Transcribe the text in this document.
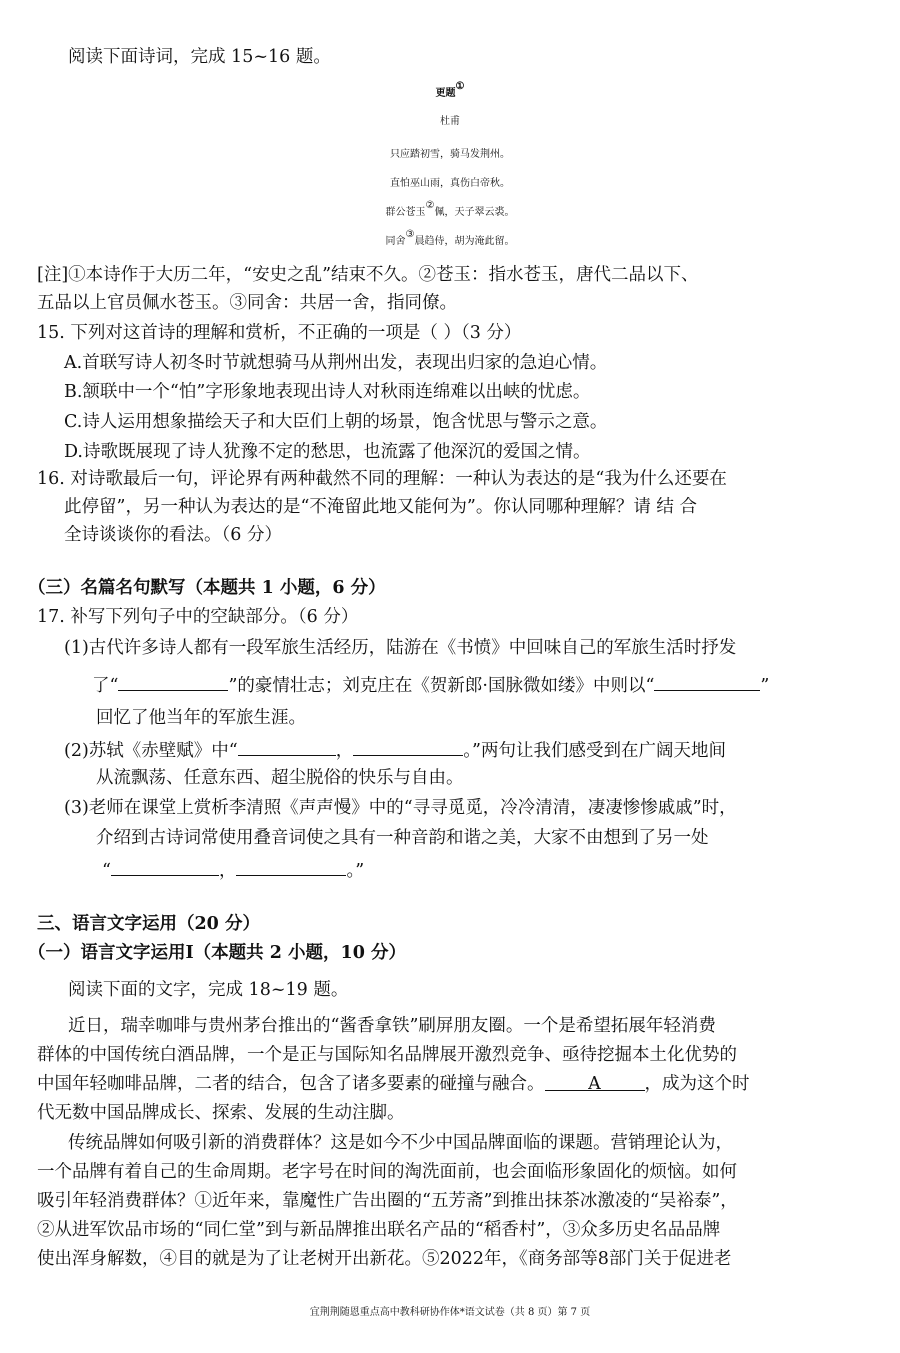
阅读下面诗词，完成 15~16 题。
更题①
杜甫
只应踏初雪，骑马发荆州。
直怕巫山雨，真伤白帝秋。
群公苍玉②佩，天子翠云裘。
同舍③晨趋侍，胡为淹此留。
[注]①本诗作于大历二年，“安史之乱”结束不久。②苍玉：指水苍玉，唐代二品以下、
五品以上官员佩水苍玉。③同舍：共居一舍，指同僚。
15. 下列对这首诗的理解和赏析，不正确的一项是（ ）（3 分）
A.首联写诗人初冬时节就想骑马从荆州出发，表现出归家的急迫心情。
B.颔联中一个“怕”字形象地表现出诗人对秋雨连绵难以出峡的忧虑。
C.诗人运用想象描绘天子和大臣们上朝的场景，饱含忧思与警示之意。
D.诗歌既展现了诗人犹豫不定的愁思，也流露了他深沉的爱国之情。
16. 对诗歌最后一句，评论界有两种截然不同的理解：一种认为表达的是“我为什么还要在
此停留”，另一种认为表达的是“不淹留此地又能何为”。你认同哪种理解？请 结 合
全诗谈谈你的看法。（6 分）
（三）名篇名句默写（本题共 1 小题，6 分）
17. 补写下列句子中的空缺部分。（6 分）
(1)古代许多诗人都有一段军旅生活经历，陆游在《书愤》中回味自己的军旅生活时抒发
了“	”的豪情壮志；刘克庄在《贺新郎·国脉微如缕》中则以“	”
回忆了他当年的军旅生涯。
(2)苏轼《赤壁赋》中“	，	。”两句让我们感受到在广阔天地间
从流飘荡、任意东西、超尘脱俗的快乐与自由。
(3)老师在课堂上赏析李清照《声声慢》中的“寻寻觅觅，冷冷清清，凄凄惨惨戚戚”时，
介绍到古诗词常使用叠音词使之具有一种音韵和谐之美，大家不由想到了另一处
“	，	。”
三、语言文字运用（20 分）
（一）语言文字运用Ⅰ（本题共 2 小题，10 分）
阅读下面的文字，完成 18~19 题。
近日，瑞幸咖啡与贵州茅台推出的“酱香拿铁”刷屏朋友圈。一个是希望拓展年轻消费
群体的中国传统白酒品牌，一个是正与国际知名品牌展开激烈竞争、亟待挖掘本土化优势的
中国年轻咖啡品牌，二者的结合，包含了诸多要素的碰撞与融合。 A ，成为这个时
代无数中国品牌成长、探索、发展的生动注脚。
传统品牌如何吸引新的消费群体？这是如今不少中国品牌面临的课题。营销理论认为，
一个品牌有着自己的生命周期。老字号在时间的淘洗面前，也会面临形象固化的烦恼。如何
吸引年轻消费群体？①近年来，靠魔性广告出圈的“五芳斋”到推出抹茶冰激凌的“吴裕泰”，
②从进军饮品市场的“同仁堂”到与新品牌推出联名产品的“稻香村”，③众多历史名品品牌
使出浑身解数，④目的就是为了让老树开出新花。⑤2022年，《商务部等8部门关于促进老
宜荆荆随恩重点高中教科研协作体*语文试卷（共 8 页）第 7 页
